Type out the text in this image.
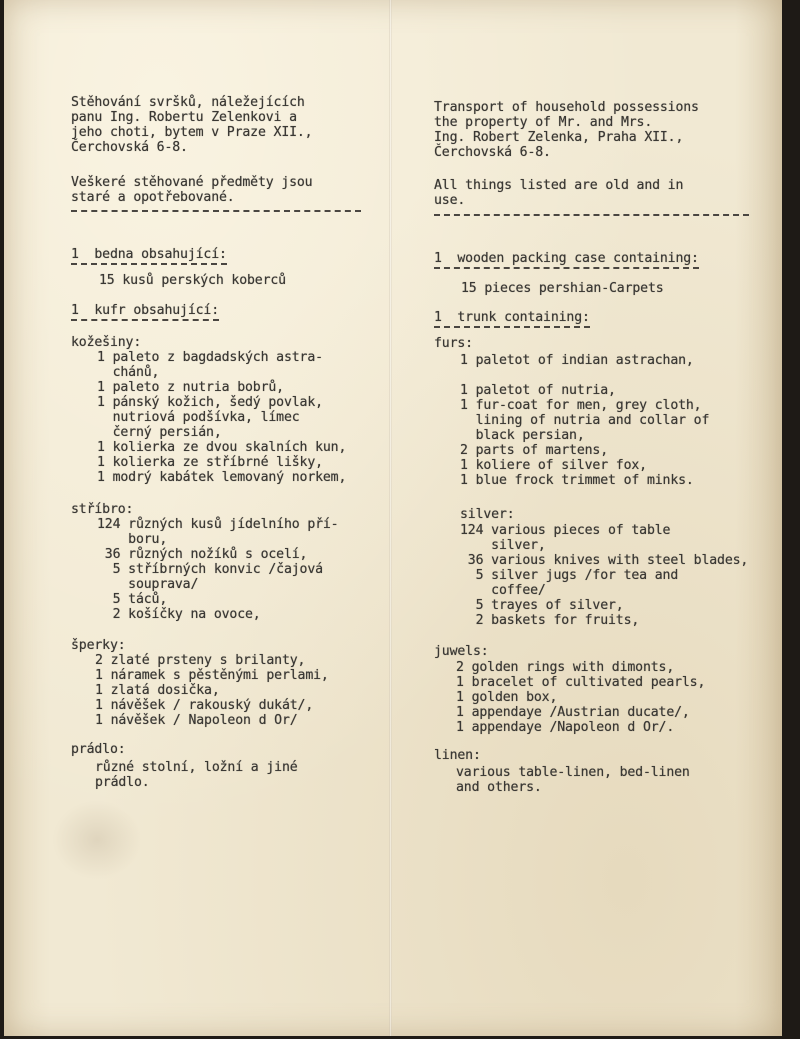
Stěhování svršků, náležejících
panu Ing. Robertu Zelenkovi a
jeho choti, bytem v Praze XII.,
Čerchovská 6-8.
Veškeré stěhované předměty jsou
staré a opotřebované.
1  bedna obsahující:
15 kusů perských koberců
1  kufr obsahující:
kožešiny:
1 paleto z bagdadských astra-
chánů,
1 paleto z nutria bobrů,
1 pánský kožich, šedý povlak,
nutriová podšívka, límec
černý persián,
1 kolierka ze dvou skalních kun,
1 kolierka ze stříbrné lišky,
1 modrý kabátek lemovaný norkem,
stříbro:
124 různých kusů jídelního pří-
boru,
36 různých nožíků s ocelí,
5 stříbrných konvic /čajová
souprava/
5 táců,
2 košíčky na ovoce,
šperky:
2 zlaté prsteny s brilanty,
1 náramek s pěstěnými perlami,
1 zlatá dosička,
1 návěšek / rakouský dukát/,
1 návěšek / Napoleon d Or/
prádlo:
různé stolní, ložní a jiné
prádlo.
Transport of household possessions
the property of Mr. and Mrs.
Ing. Robert Zelenka, Praha XII.,
Čerchovská 6-8.
All things listed are old and in
use.
1  wooden packing case containing:
15 pieces pershian-Carpets
1  trunk containing:
furs:
1 paletot of indian astrachan,

1 paletot of nutria,
1 fur-coat for men, grey cloth,
lining of nutria and collar of
black persian,
2 parts of martens,
1 koliere of silver fox,
1 blue frock trimmet of minks.
silver:
124 various pieces of table
silver,
36 various knives with steel blades,
5 silver jugs /for tea and
coffee/
5 trayes of silver,
2 baskets for fruits,
juwels:
2 golden rings with dimonts,
1 bracelet of cultivated pearls,
1 golden box,
1 appendaye /Austrian ducate/,
1 appendaye /Napoleon d Or/.
linen:
various table-linen, bed-linen
and others.
